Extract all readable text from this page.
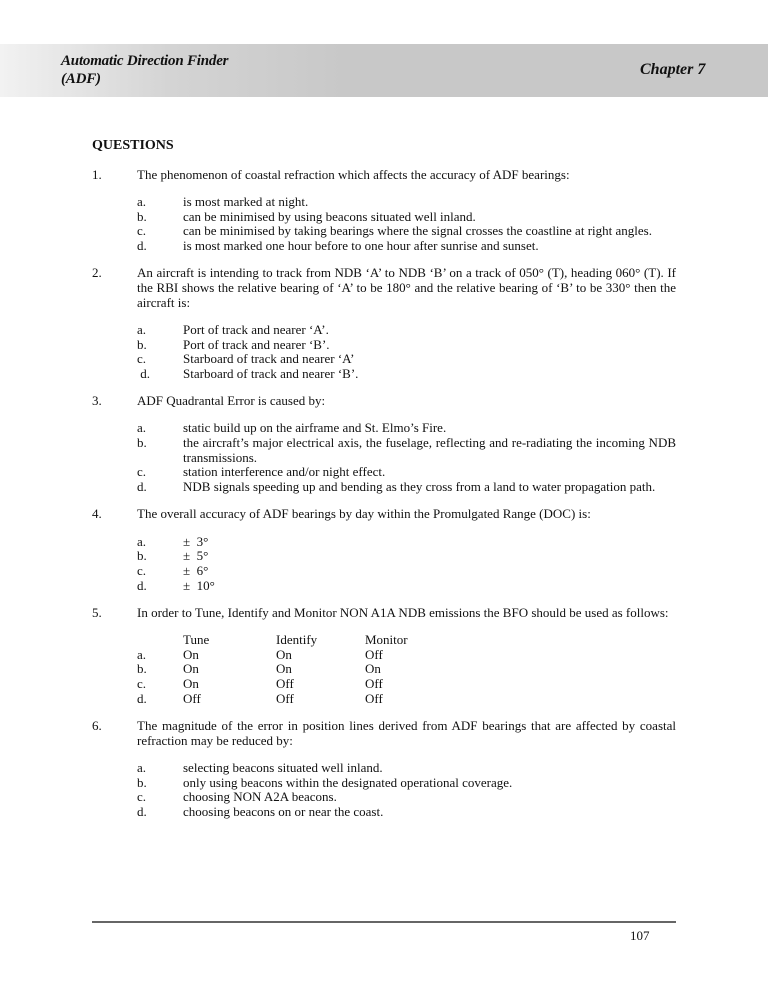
Automatic Direction Finder
(ADF)
Chapter 7
QUESTIONS
1.	The phenomenon of coastal refraction which affects the accuracy of ADF bearings:
a.	is most marked at night.
b.	can be minimised by using beacons situated well inland.
c.	can be minimised by taking bearings where the signal crosses the coastline at right angles.
d.	is most marked one hour before to one hour after sunrise and sunset.
2.	An aircraft is intending to track from NDB ‘A’ to NDB ‘B’ on a track of 050° (T), heading 060° (T). If the RBI shows the relative bearing of ‘A’ to be 180° and the relative bearing of ‘B’ to be 330° then the aircraft is:
a.	Port of track and nearer ‘A’.
b.	Port of track and nearer ‘B’.
c.	Starboard of track and nearer ‘A’
d.	Starboard of track and nearer ‘B’.
3.	ADF Quadrantal Error is caused by:
a.	static build up on the airframe and St. Elmo’s Fire.
b.	the aircraft’s major electrical axis, the fuselage, reflecting and re-radiating the incoming NDB transmissions.
c.	station interference and/or night effect.
d.	NDB signals speeding up and bending as they cross from a land to water propagation path.
4.	The overall accuracy of ADF bearings by day within the Promulgated Range (DOC) is:
a.	±  3°
b.	±  5°
c.	±  6°
d.	±  10°
5.	In order to Tune, Identify and Monitor NON A1A NDB emissions the BFO should be used as follows:
Tune	Identify	Monitor
a.	On	On	Off
b.	On	On	On
c.	On	Off	Off
d.	Off	Off	Off
6.	The magnitude of the error in position lines derived from ADF bearings that are affected by coastal refraction may be reduced by:
a.	selecting beacons situated well inland.
b.	only using beacons within the designated operational coverage.
c.	choosing NON A2A beacons.
d.	choosing beacons on or near the coast.
107
